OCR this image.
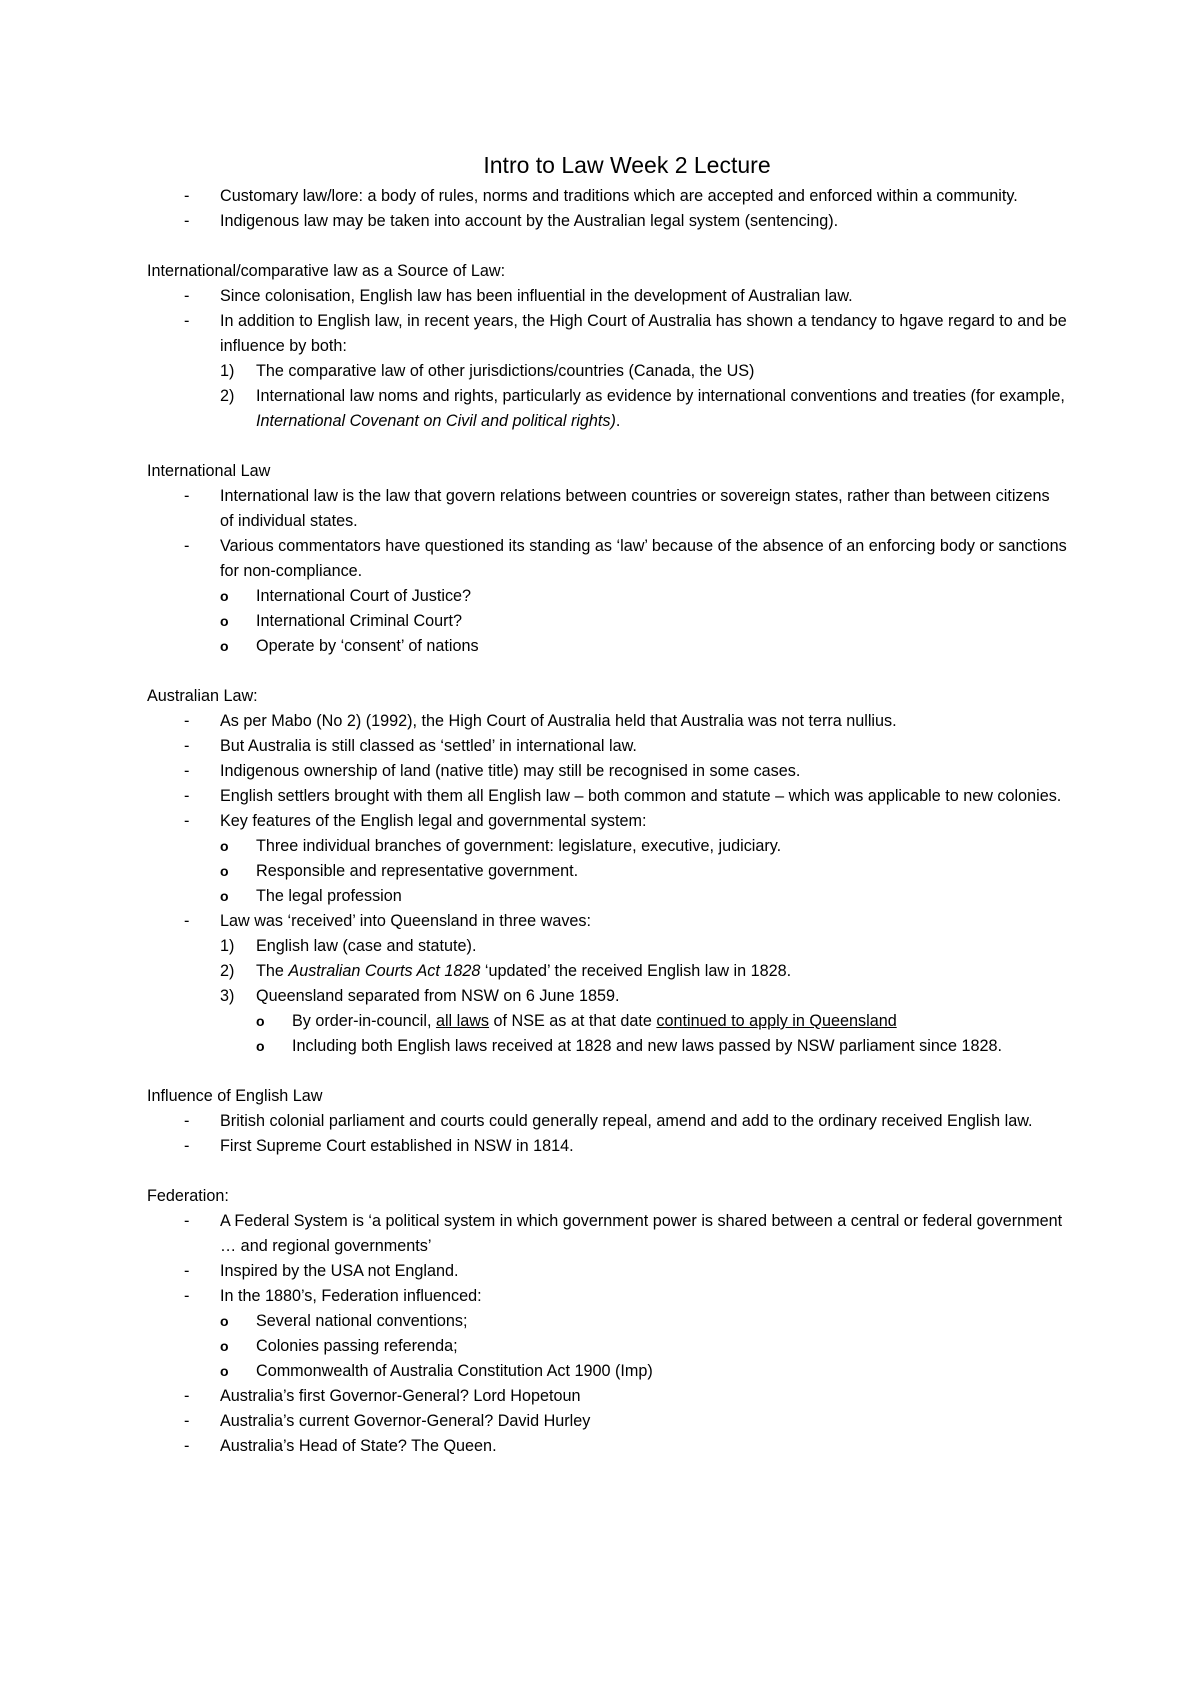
Intro to Law Week 2 Lecture
- Customary law/lore: a body of rules, norms and traditions which are accepted and enforced within a community.
- Indigenous law may be taken into account by the Australian legal system (sentencing).
International/comparative law as a Source of Law:
- Since colonisation, English law has been influential in the development of Australian law.
- In addition to English law, in recent years, the High Court of Australia has shown a tendancy to hgave regard to and be influence by both:
1) The comparative law of other jurisdictions/countries (Canada, the US)
2) International law noms and rights, particularly as evidence by international conventions and treaties (for example, International Covenant on Civil and political rights).
International Law
- International law is the law that govern relations between countries or sovereign states, rather than between citizens of individual states.
- Various commentators have questioned its standing as ‘law’ because of the absence of an enforcing body or sanctions for non-compliance.
o International Court of Justice?
o International Criminal Court?
o Operate by ‘consent’ of nations
Australian Law:
- As per Mabo (No 2) (1992), the High Court of Australia held that Australia was not terra nullius.
- But Australia is still classed as ‘settled’ in international law.
- Indigenous ownership of land (native title) may still be recognised in some cases.
- English settlers brought with them all English law – both common and statute – which was applicable to new colonies.
- Key features of the English legal and governmental system:
o Three individual branches of government: legislature, executive, judiciary.
o Responsible and representative government.
o The legal profession
- Law was ‘received’ into Queensland in three waves:
1) English law (case and statute).
2) The Australian Courts Act 1828 ‘updated’ the received English law in 1828.
3) Queensland separated from NSW on 6 June 1859.
o By order-in-council, all laws of NSE as at that date continued to apply in Queensland
o Including both English laws received at 1828 and new laws passed by NSW parliament since 1828.
Influence of English Law
- British colonial parliament and courts could generally repeal, amend and add to the ordinary received English law.
- First Supreme Court established in NSW in 1814.
Federation:
- A Federal System is ‘a political system in which government power is shared between a central or federal government … and regional governments’
- Inspired by the USA not England.
- In the 1880’s, Federation influenced:
o Several national conventions;
o Colonies passing referenda;
o Commonwealth of Australia Constitution Act 1900 (Imp)
- Australia’s first Governor-General? Lord Hopetoun
- Australia’s current Governor-General? David Hurley
- Australia’s Head of State? The Queen.
